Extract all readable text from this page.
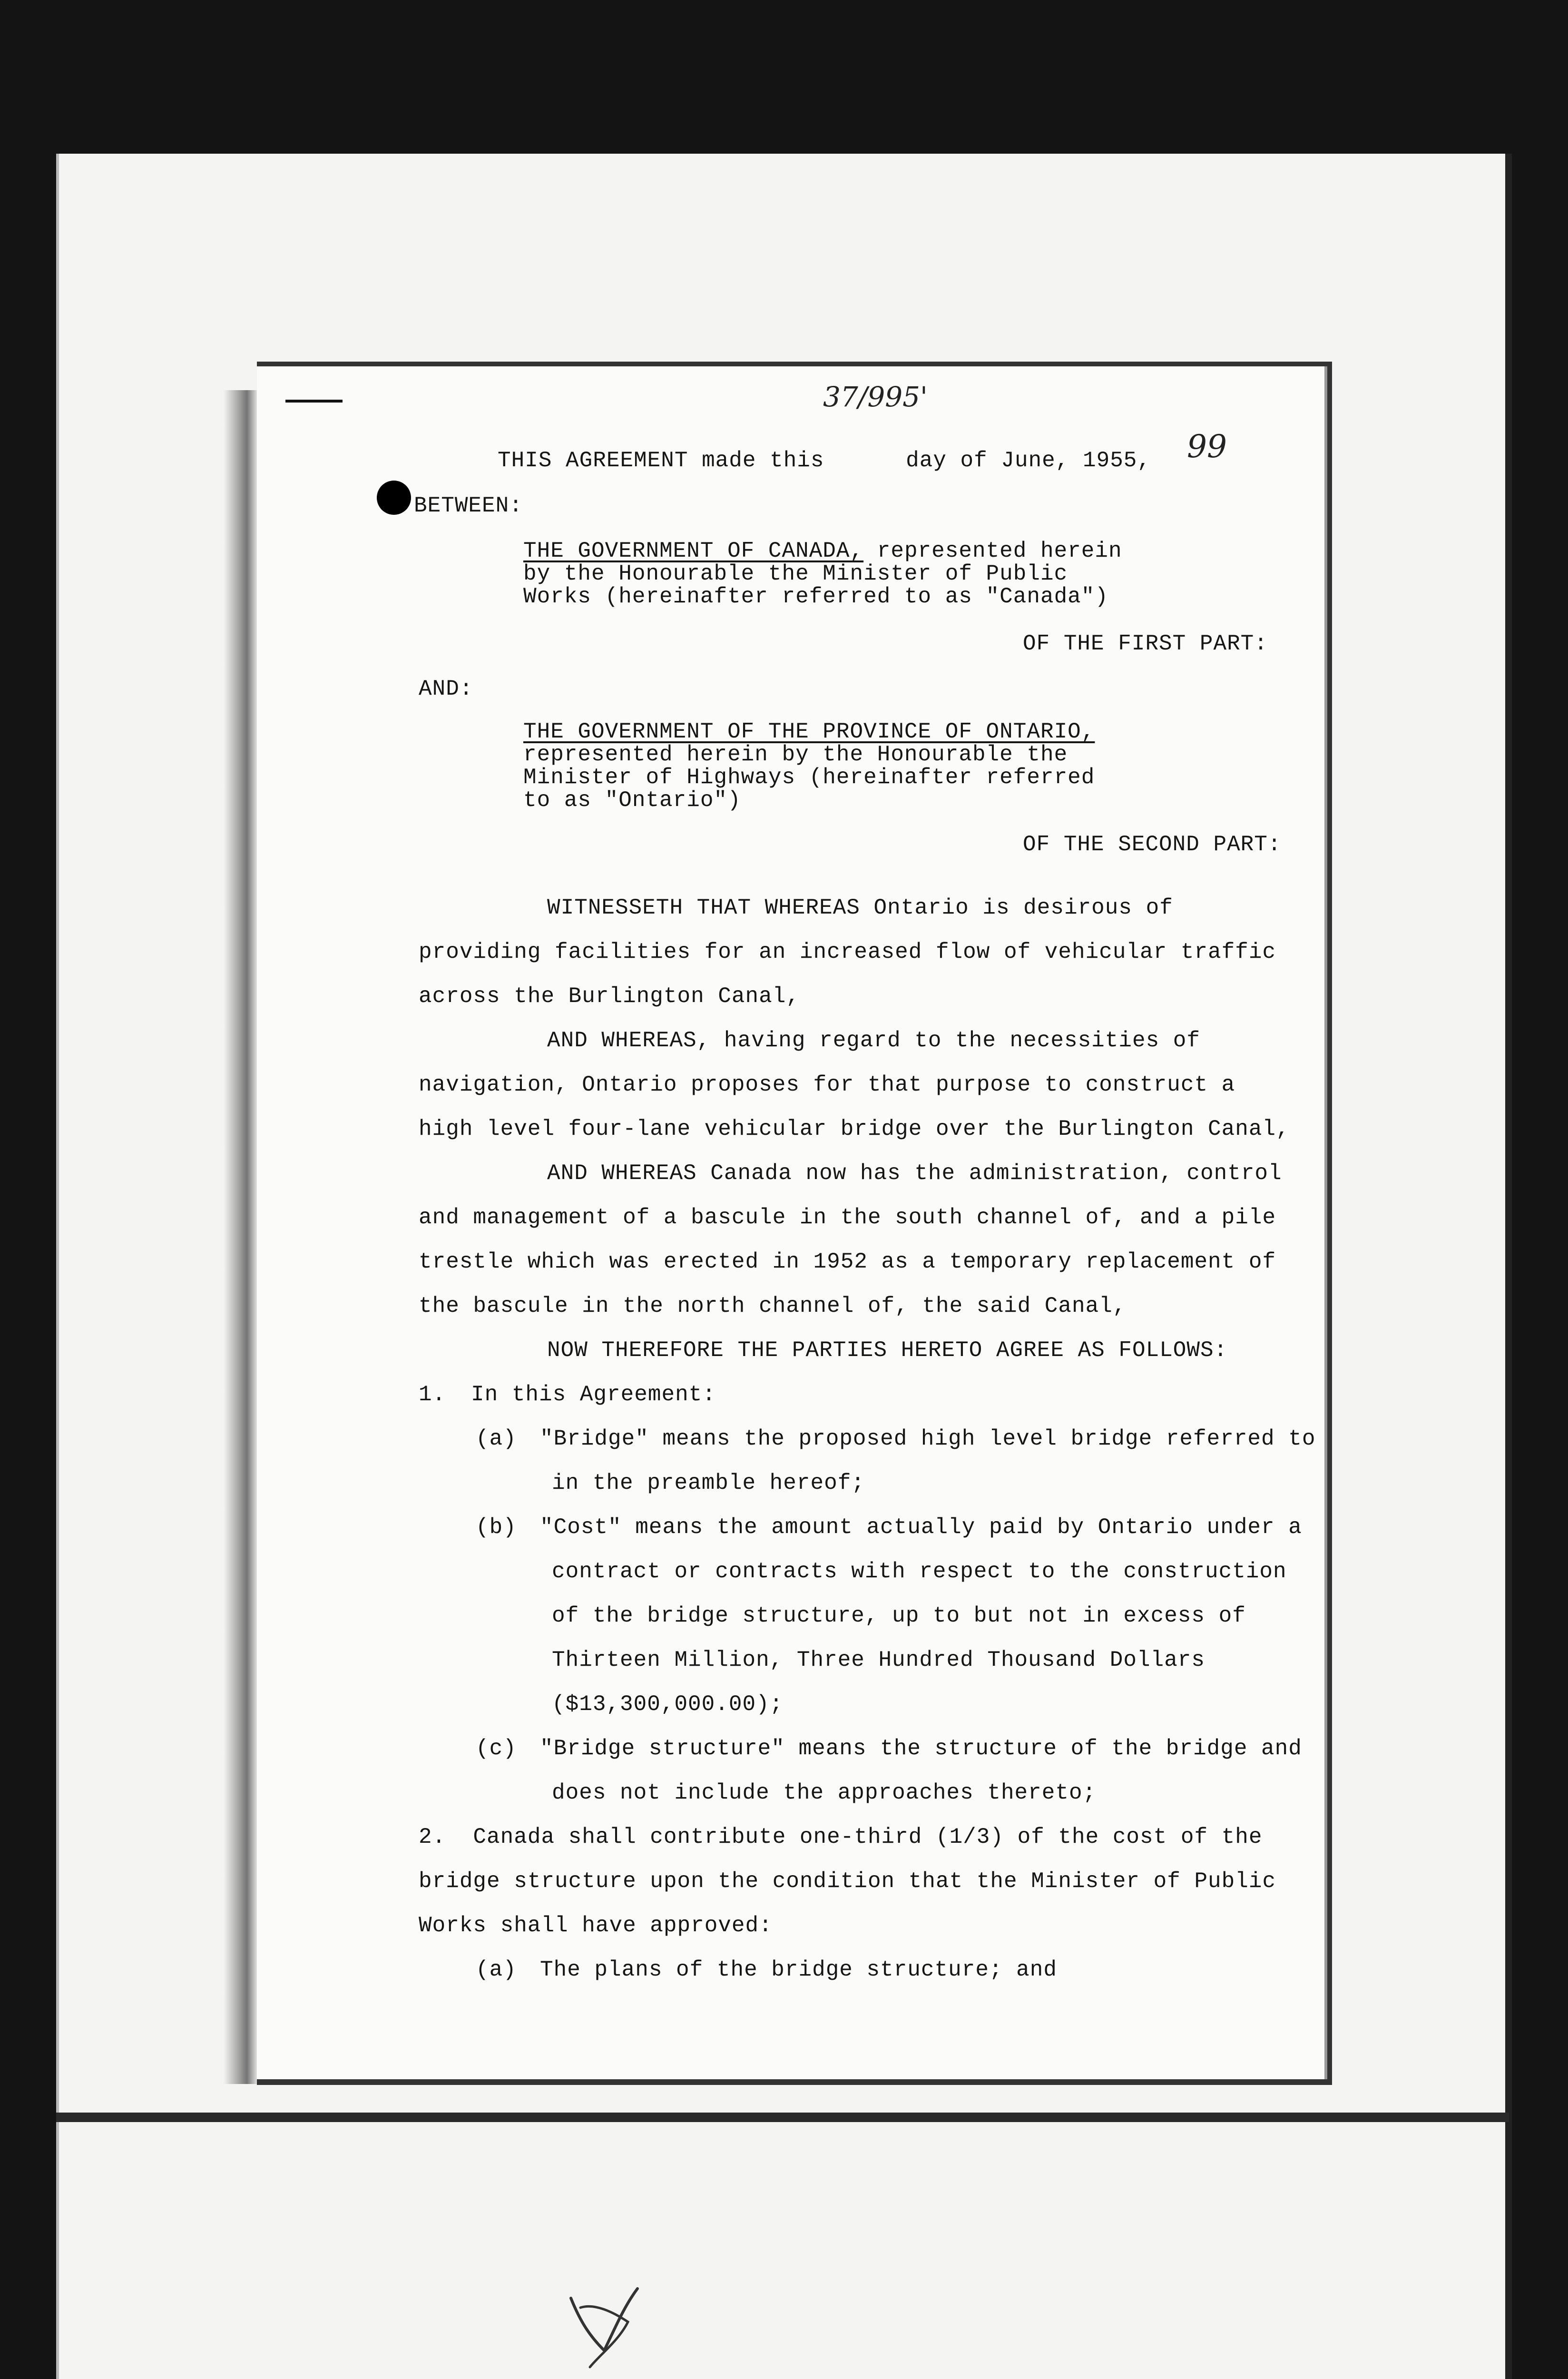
37/995'
99
THIS AGREEMENT made this      day of June, 1955,
BETWEEN:
THE GOVERNMENT OF CANADA, represented herein
by the Honourable the Minister of Public
Works (hereinafter referred to as "Canada")
OF THE FIRST PART:
AND:
THE GOVERNMENT OF THE PROVINCE OF ONTARIO,
represented herein by the Honourable the
Minister of Highways (hereinafter referred
to as "Ontario")
OF THE SECOND PART:
WITNESSETH THAT WHEREAS Ontario is desirous of
providing facilities for an increased flow of vehicular traffic
across the Burlington Canal,
AND WHEREAS, having regard to the necessities of
navigation, Ontario proposes for that purpose to construct a
high level four-lane vehicular bridge over the Burlington Canal,
AND WHEREAS Canada now has the administration, control
and management of a bascule in the south channel of, and a pile
trestle which was erected in 1952 as a temporary replacement of
the bascule in the north channel of, the said Canal,
NOW THEREFORE THE PARTIES HERETO AGREE AS FOLLOWS:
1. In this Agreement:
(a) "Bridge" means the proposed high level bridge referred to
in the preamble hereof;
(b) "Cost" means the amount actually paid by Ontario under a
contract or contracts with respect to the construction
of the bridge structure, up to but not in excess of
Thirteen Million, Three Hundred Thousand Dollars
($13,300,000.00);
(c) "Bridge structure" means the structure of the bridge and
does not include the approaches thereto;
2.  Canada shall contribute one-third (1/3) of the cost of the
bridge structure upon the condition that the Minister of Public
Works shall have approved:
(a) The plans of the bridge structure; and
